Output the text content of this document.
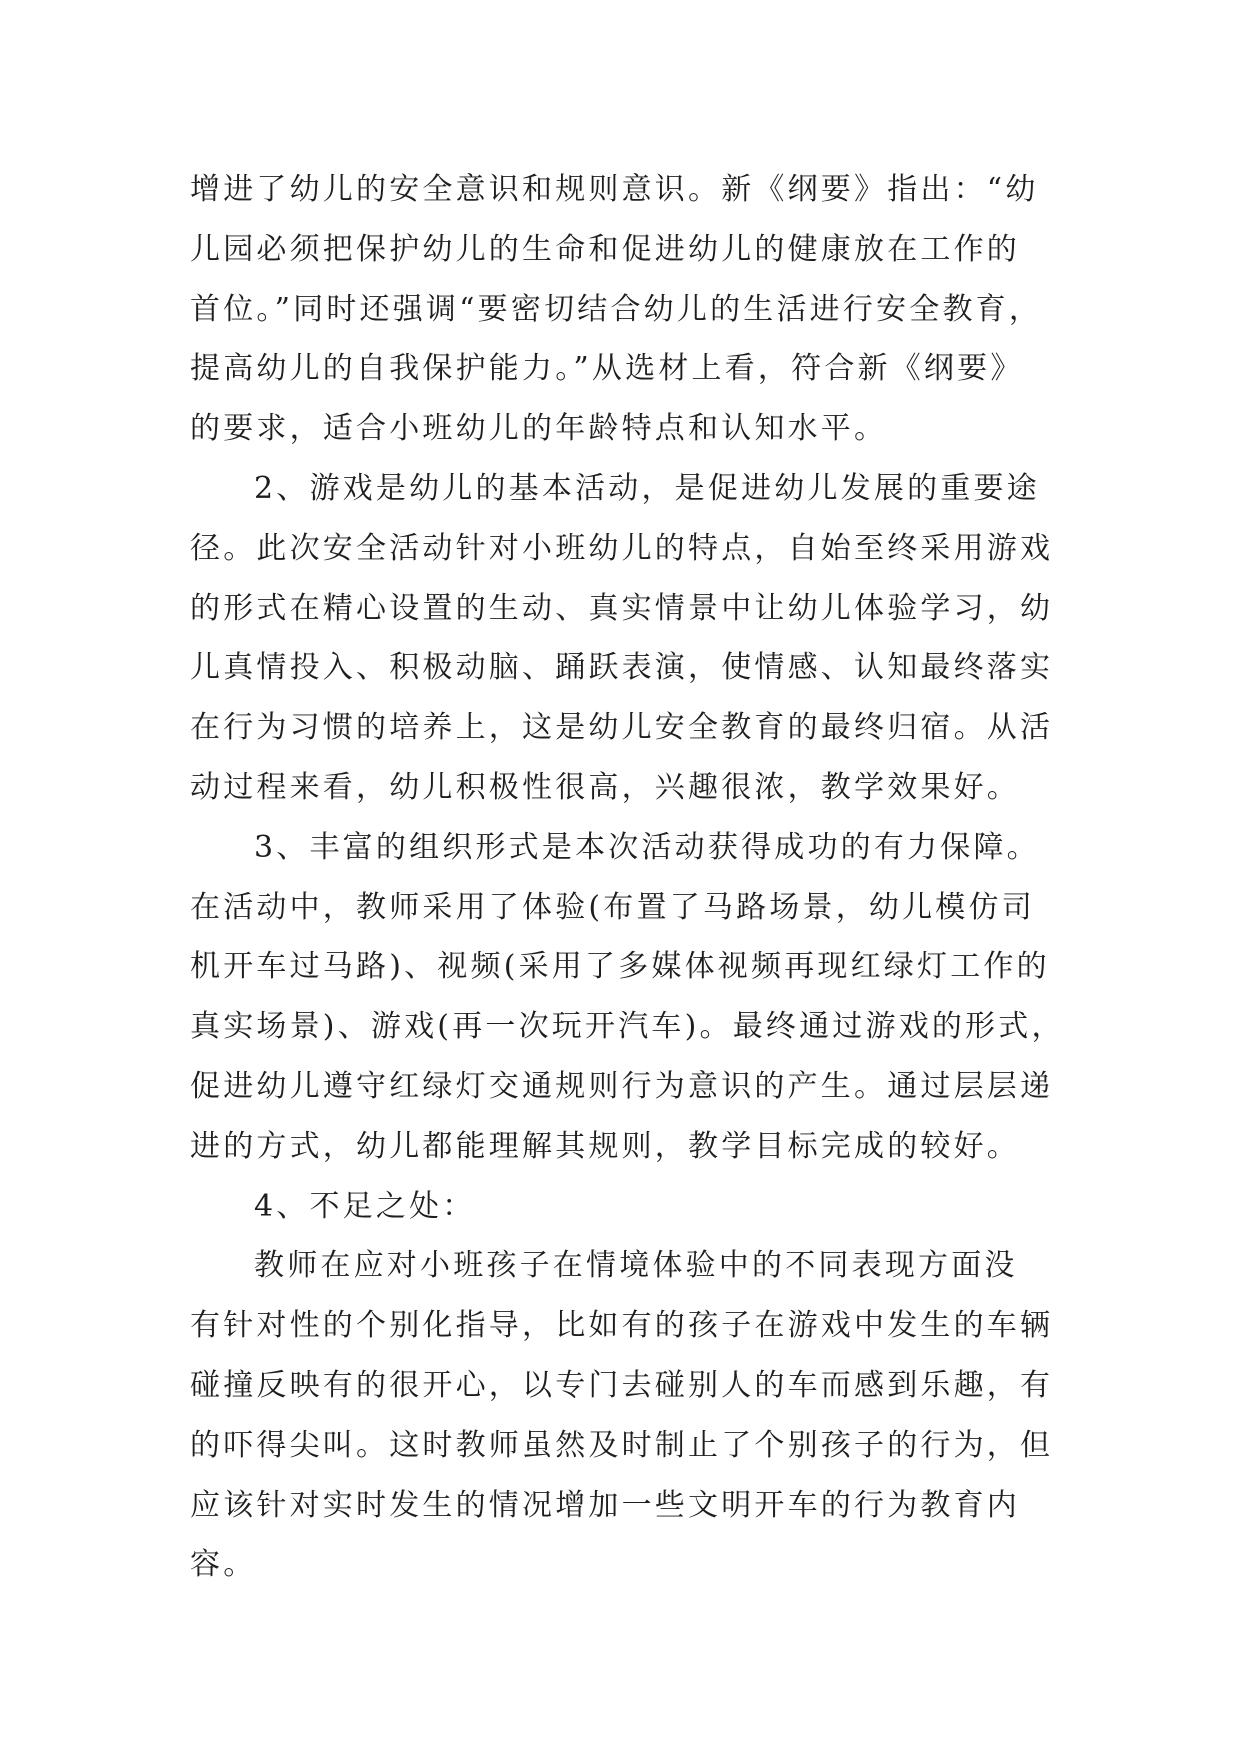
增进了幼儿的安全意识和规则意识。新《纲要》指出：“幼
儿园必须把保护幼儿的生命和促进幼儿的健康放在工作的
首位。”同时还强调“要密切结合幼儿的生活进行安全教育，
提高幼儿的自我保护能力。”从选材上看，符合新《纲要》
的要求，适合小班幼儿的年龄特点和认知水平。
2、游戏是幼儿的基本活动，是促进幼儿发展的重要途
径。此次安全活动针对小班幼儿的特点，自始至终采用游戏
的形式在精心设置的生动、真实情景中让幼儿体验学习，幼
儿真情投入、积极动脑、踊跃表演，使情感、认知最终落实
在行为习惯的培养上，这是幼儿安全教育的最终归宿。从活
动过程来看，幼儿积极性很高，兴趣很浓，教学效果好。
3、丰富的组织形式是本次活动获得成功的有力保障。
在活动中，教师采用了体验(布置了马路场景，幼儿模仿司
机开车过马路)、视频(采用了多媒体视频再现红绿灯工作的
真实场景)、游戏(再一次玩开汽车)。最终通过游戏的形式，
促进幼儿遵守红绿灯交通规则行为意识的产生。通过层层递
进的方式，幼儿都能理解其规则，教学目标完成的较好。
4、不足之处：
教师在应对小班孩子在情境体验中的不同表现方面没
有针对性的个别化指导，比如有的孩子在游戏中发生的车辆
碰撞反映有的很开心，以专门去碰别人的车而感到乐趣，有
的吓得尖叫。这时教师虽然及时制止了个别孩子的行为，但
应该针对实时发生的情况增加一些文明开车的行为教育内
容。
